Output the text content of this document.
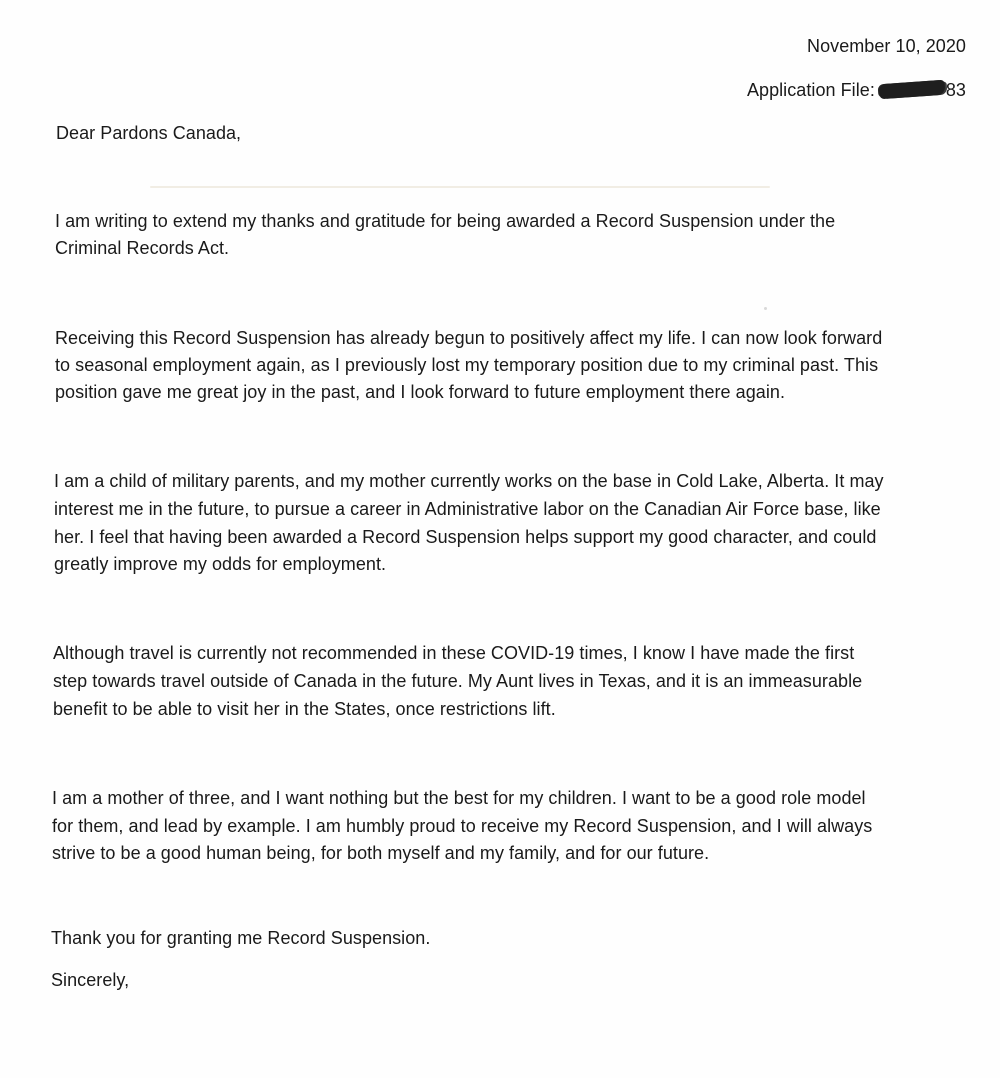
November 10, 2020
Application File:	83
Dear Pardons Canada,
I am writing to extend my thanks and gratitude for being awarded a Record Suspension under the
Criminal Records Act.
Receiving this Record Suspension has already begun to positively affect my life. I can now look forward
to seasonal employment again, as I previously lost my temporary position due to my criminal past. This
position gave me great joy in the past, and I look forward to future employment there again.
I am a child of military parents, and my mother currently works on the base in Cold Lake, Alberta. It may
interest me in the future, to pursue a career in Administrative labor on the Canadian Air Force base, like
her. I feel that having been awarded a Record Suspension helps support my good character, and could
greatly improve my odds for employment.
Although travel is currently not recommended in these COVID-19 times, I know I have made the first
step towards travel outside of Canada in the future. My Aunt lives in Texas, and it is an immeasurable
benefit to be able to visit her in the States, once restrictions lift.
I am a mother of three, and I want nothing but the best for my children. I want to be a good role model
for them, and lead by example. I am humbly proud to receive my Record Suspension, and I will always
strive to be a good human being, for both myself and my family, and for our future.
Thank you for granting me Record Suspension.
Sincerely,
